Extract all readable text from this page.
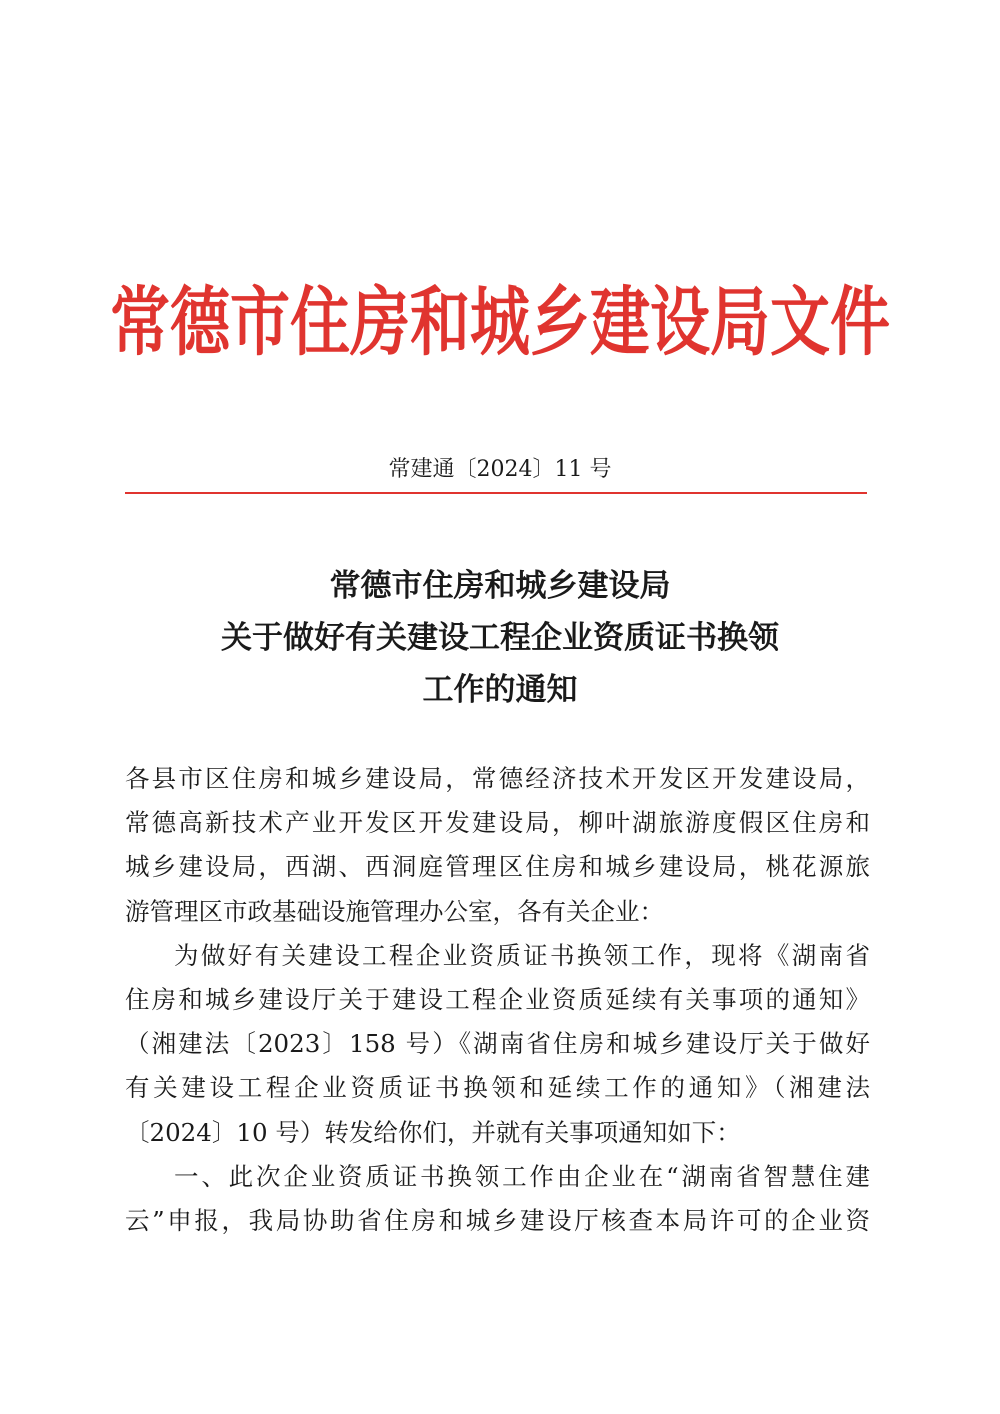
常德市住房和城乡建设局文件
常建通〔2024〕11 号
常德市住房和城乡建设局
关于做好有关建设工程企业资质证书换领
工作的通知
各县市区住房和城乡建设局，常德经济技术开发区开发建设局，
常德高新技术产业开发区开发建设局，柳叶湖旅游度假区住房和
城乡建设局，西湖、西洞庭管理区住房和城乡建设局，桃花源旅
游管理区市政基础设施管理办公室，各有关企业：
为做好有关建设工程企业资质证书换领工作，现将《湖南省
住房和城乡建设厅关于建设工程企业资质延续有关事项的通知》
（湘建法〔2023〕158 号）《湖南省住房和城乡建设厅关于做好
有关建设工程企业资质证书换领和延续工作的通知》（湘建法
〔2024〕10 号）转发给你们，并就有关事项通知如下：
一、此次企业资质证书换领工作由企业在“湖南省智慧住建
云”申报，我局协助省住房和城乡建设厅核查本局许可的企业资
